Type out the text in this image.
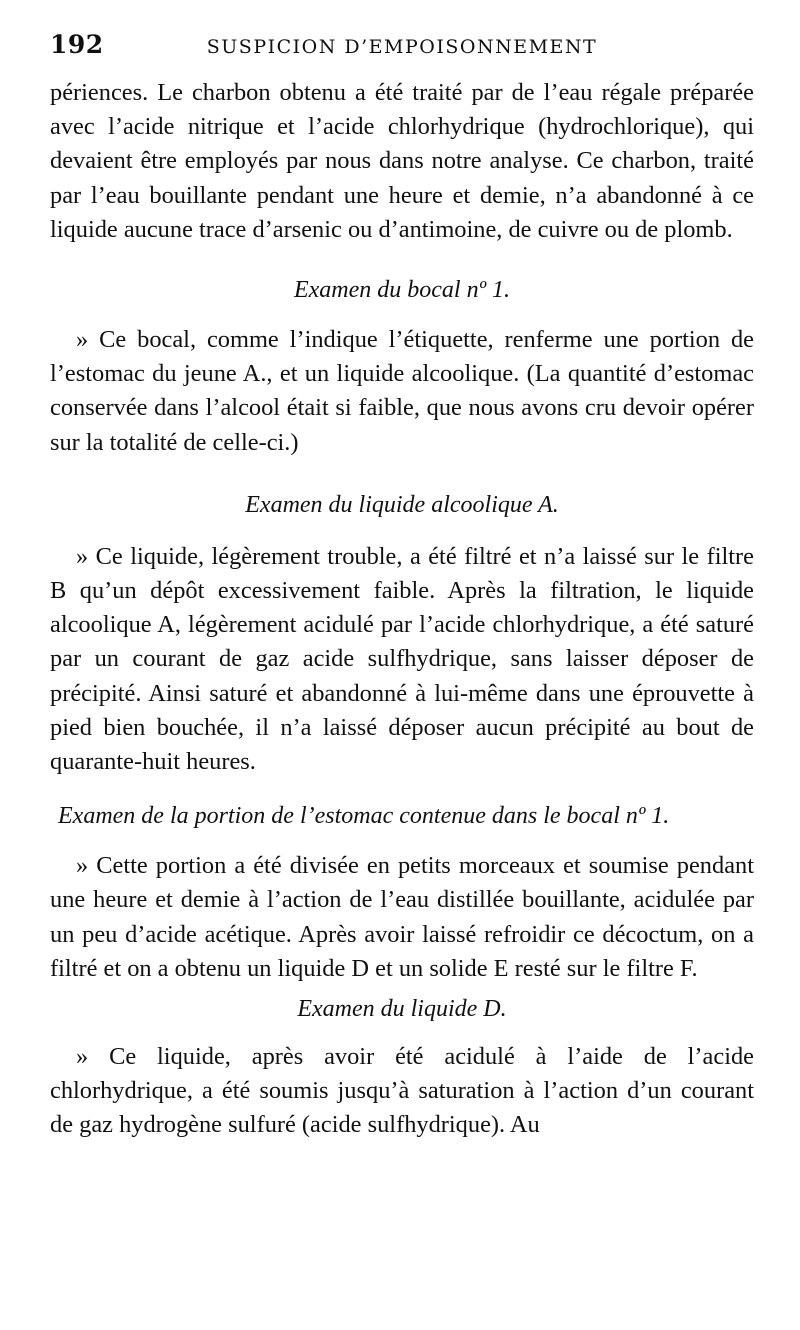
192	SUSPICION D’EMPOISONNEMENT

périences. Le charbon obtenu a été traité par de l’eau régale préparée avec l’acide nitrique et l’acide chlorhydrique (hydrochlorique), qui devaient être employés par nous dans notre analyse. Ce charbon, traité par l’eau bouillante pendant une heure et demie, n’a abandonné à ce liquide aucune trace d’arsenic ou d’antimoine, de cuivre ou de plomb.

Examen du bocal nº 1.

» Ce bocal, comme l’indique l’étiquette, renferme une portion de l’estomac du jeune A., et un liquide alcoolique. (La quantité d’estomac conservée dans l’alcool était si faible, que nous avons cru devoir opérer sur la totalité de celle-ci.)

Examen du liquide alcoolique A.

» Ce liquide, légèrement trouble, a été filtré et n’a laissé sur le filtre B qu’un dépôt excessivement faible. Après la filtration, le liquide alcoolique A, légèrement acidulé par l’acide chlorhydrique, a été saturé par un courant de gaz acide sulfhydrique, sans laisser déposer de précipité. Ainsi saturé et abandonné à lui-même dans une éprouvette à pied bien bouchée, il n’a laissé déposer aucun précipité au bout de quarante-huit heures.

Examen de la portion de l’estomac contenue dans le bocal nº 1.

» Cette portion a été divisée en petits morceaux et soumise pendant une heure et demie à l’action de l’eau distillée bouillante, acidulée par un peu d’acide acétique. Après avoir laissé refroidir ce décoctum, on a filtré et on a obtenu un liquide D et un solide E resté sur le filtre F.

Examen du liquide D.

» Ce liquide, après avoir été acidulé à l’aide de l’acide chlorhydrique, a été soumis jusqu’à saturation à l’action d’un courant de gaz hydrogène sulfuré (acide sulfhydrique). Au
